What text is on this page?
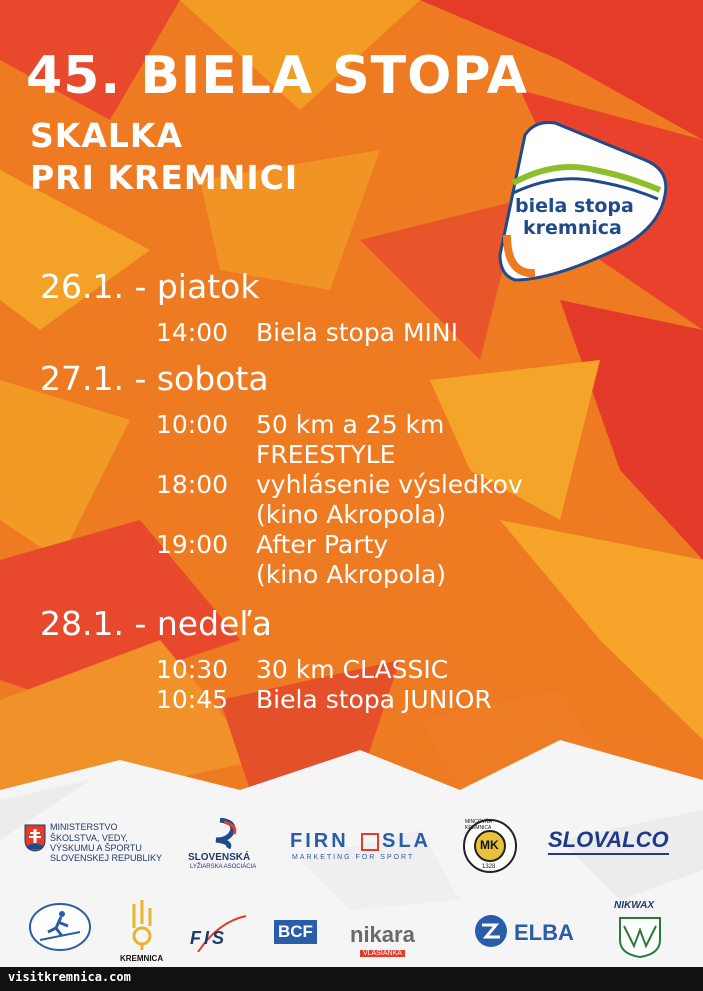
45. BIELA STOPA
SKALKA
PRI KREMNICI
biela stopa
kremnica
26.1. - piatok
14:00 Biela stopa MINI
27.1. - sobota
10:00 50 km a 25 km
FREESTYLE
18:00 vyhlásenie výsledkov
(kino Akropola)
19:00 After Party
(kino Akropola)
28.1. - nedeľa
10:30 30 km CLASSIC
10:45 Biela stopa JUNIOR
MINISTERSTVO
ŠKOLSTVA, VEDY,
VÝSKUMU A ŠPORTU
SLOVENSKEJ REPUBLIKY	SLOVENSKÁ
LYŽIARSKA ASOCIÁCIA
FIRN SLA
MARKETING FOR SPORT
MK
MINCOVŇA KREMNICA
1328
SLOVALCO
KREMNICA
FIS	BCF nikara
VLAŠIANKA
ELBA
NIKWAX
visitkremnica.com
